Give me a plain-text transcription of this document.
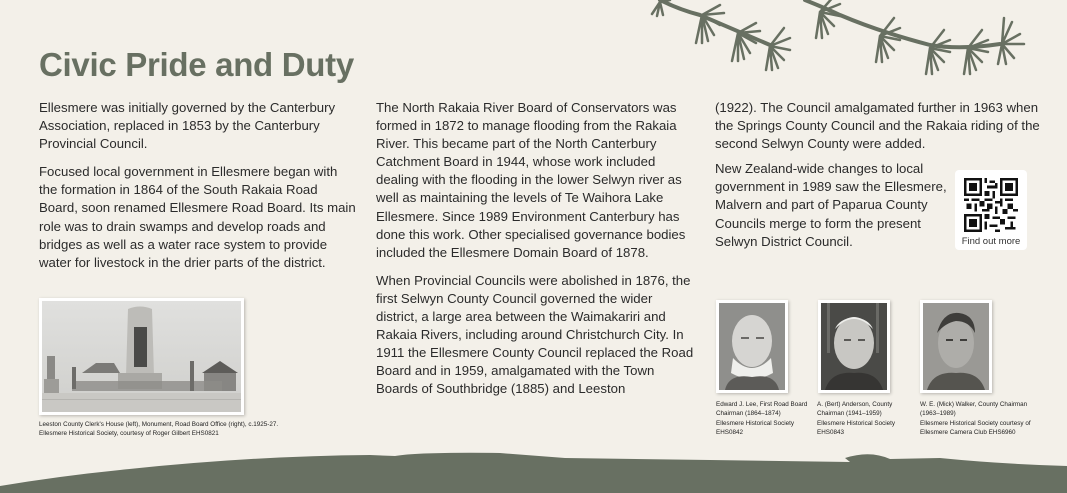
Civic Pride and Duty

Ellesmere was initially governed by the Canterbury Association, replaced in 1853 by the Canterbury Provincial Council.

Focused local government in Ellesmere began with the formation in 1864 of the South Rakaia Road Board, soon renamed Ellesmere Road Board. Its main role was to drain swamps and develop roads and bridges as well as a water race system to provide water for livestock in the drier parts of the district.

The North Rakaia River Board of Conservators was formed in 1872 to manage flooding from the Rakaia River. This became part of the North Canterbury Catchment Board in 1944, whose work included dealing with the flooding in the lower Selwyn river as well as maintaining the levels of Te Waihora Lake Ellesmere. Since 1989 Environment Canterbury has done this work. Other specialised governance bodies included the Ellesmere Domain Board of 1878.

When Provincial Councils were abolished in 1876, the first Selwyn County Council governed the wider district, a large area between the Waimakariri and Rakaia Rivers, including around Christchurch City. In 1911 the Ellesmere County Council replaced the Road Board and in 1959, amalgamated with the Town Boards of Southbridge (1885) and Leeston

(1922). The Council amalgamated further in 1963 when the Springs County Council and the Rakaia riding of the second Selwyn County were added.

New Zealand-wide changes to local government in 1989 saw the Ellesmere, Malvern and part of Paparua County Councils merge to form the present Selwyn District Council.	Find out more
Leeston County Clerk's House (left), Monument, Road Board Office (right), c.1925-27.
Ellesmere Historical Society, courtesy of Roger Gilbert EHS0821
Edward J. Lee, First Road Board Chairman (1864–1874)
Ellesmere Historical Society EHS0842
A. (Bert) Anderson, County Chairman (1941–1959)
Ellesmere Historical Society EHS0843
W. E. (Mick) Walker, County Chairman (1963–1989)
Ellesmere Historical Society courtesy of Ellesmere Camera Club EHS6960
